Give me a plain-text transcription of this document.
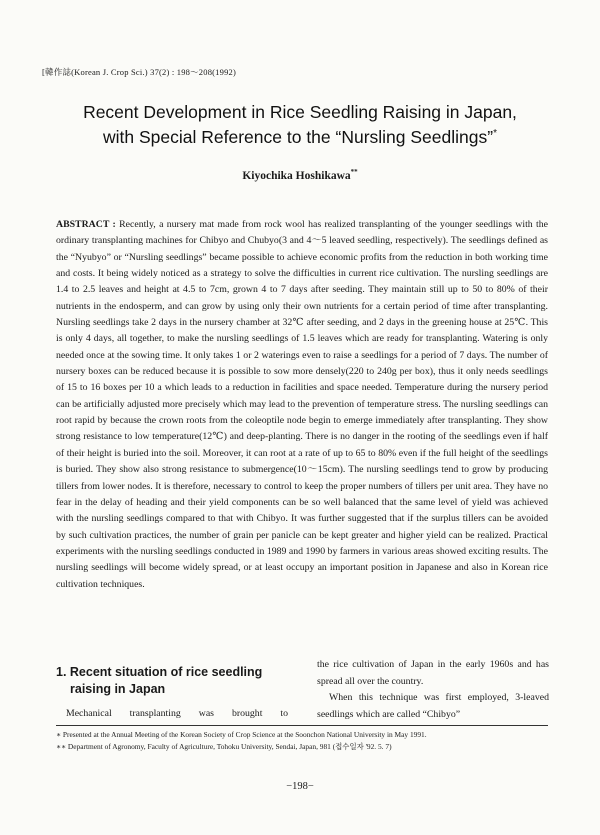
[韓作誌(Korean J. Crop Sci.) 37(2) : 198～208(1992)
Recent Development in Rice Seedling Raising in Japan,
with Special Reference to the “Nursling Seedlings”*
Kiyochika Hoshikawa**

ABSTRACT : Recently, a nursery mat made from rock wool has realized transplanting of the younger seedlings with the ordinary transplanting machines for Chibyo and Chubyo(3 and 4～5 leaved seedling, respectively). The seedlings defined as the “Nyubyo” or “Nursling seedlings” became possible to achieve economic profits from the reduction in both working time and costs. It being widely noticed as a strategy to solve the difficulties in current rice cultivation. The nursling seedlings are 1.4 to 2.5 leaves and height at 4.5 to 7cm, grown 4 to 7 days after seeding. They maintain still up to 50 to 80% of their nutrients in the endosperm, and can grow by using only their own nutrients for a certain period of time after transplanting. Nursling seedlings take 2 days in the nursery chamber at 32℃ after seeding, and 2 days in the greening house at 25℃. This is only 4 days, all together, to make the nursling seedlings of 1.5 leaves which are ready for transplanting. Watering is only needed once at the sowing time. It only takes 1 or 2 waterings even to raise a seedlings for a period of 7 days. The number of nursery boxes can be reduced because it is possible to sow more densely(220 to 240g per box), thus it only needs seedlings of 15 to 16 boxes per 10 a which leads to a reduction in facilities and space needed. Temperature during the nursery period can be artificially adjusted more precisely which may lead to the prevention of temperature stress. The nursling seedlings can root rapid by because the crown roots from the coleoptile node begin to emerge immediately after transplanting. They show strong resistance to low temperature(12℃) and deep-planting. There is no danger in the rooting of the seedlings even if half of their height is buried into the soil. Moreover, it can root at a rate of up to 65 to 80% even if the full height of the seedlings is buried. They show also strong resistance to submergence(10～15cm). The nursling seedlings tend to grow by producing tillers from lower nodes. It is therefore, necessary to control to keep the proper numbers of tillers per unit area. They have no fear in the delay of heading and their yield components can be so well balanced that the same level of yield was achieved with the nursling seedlings compared to that with Chibyo. It was further suggested that if the surplus tillers can be avoided by such cultivation practices, the number of grain per panicle can be kept greater and higher yield can be realized. Practical experiments with the nursling seedlings conducted in 1989 and 1990 by farmers in various areas showed exciting results. The nursling seedlings will become widely spread, or at least occupy an important position in Japanese and also in Korean rice cultivation techniques.

1. Recent situation of rice seedling
raising in Japan

Mechanical transplanting was brought to

the rice cultivation of Japan in the early 1960s and has spread all over the country.

When this technique was first employed, 3-leaved seedlings which are called “Chibyo”

∗ Presented at the Annual Meeting of the Korean Society of Crop Science at the Soonchon National University in May 1991.
∗∗ Department of Agronomy, Faculty of Agriculture, Tohoku University, Sendai, Japan, 981 (접수일자 '92. 5. 7)
−198−
